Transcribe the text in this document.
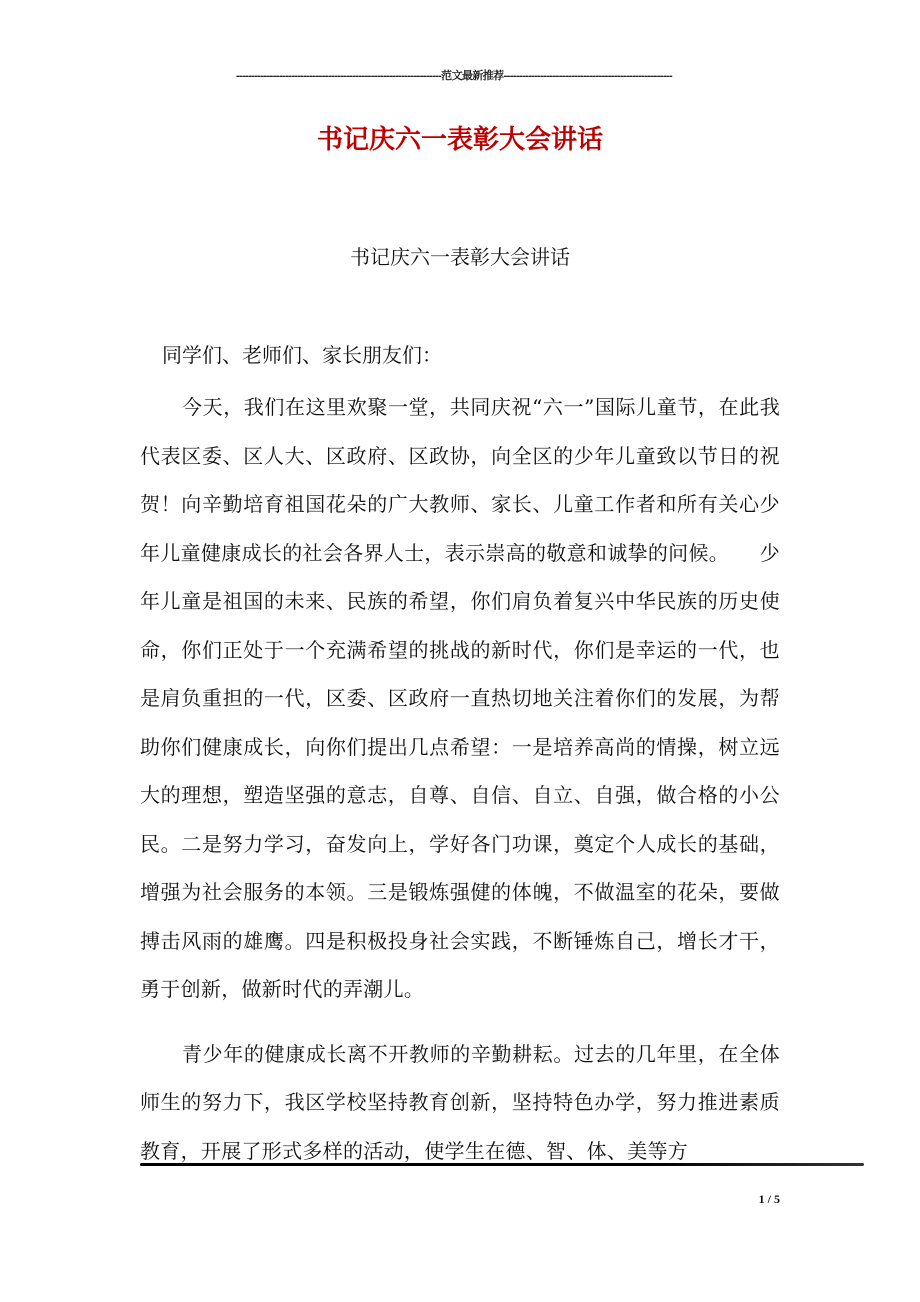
-------------------------------------------------------------------范文最新推荐-------------------------------------------------------
书记庆六一表彰大会讲话
书记庆六一表彰大会讲话
同学们、老师们、家长朋友们：

今天，我们在这里欢聚一堂，共同庆祝“六一”国际儿童节，在此我代表区委、区人大、区政府、区政协，向全区的少年儿童致以节日的祝贺！向辛勤培育祖国花朵的广大教师、家长、儿童工作者和所有关心少年儿童健康成长的社会各界人士，表示崇高的敬意和诚挚的问候。　　少年儿童是祖国的未来、民族的希望，你们肩负着复兴中华民族的历史使命，你们正处于一个充满希望的挑战的新时代，你们是幸运的一代，也是肩负重担的一代，区委、区政府一直热切地关注着你们的发展，为帮助你们健康成长，向你们提出几点希望：一是培养高尚的情操，树立远大的理想，塑造坚强的意志，自尊、自信、自立、自强，做合格的小公民。二是努力学习，奋发向上，学好各门功课，奠定个人成长的基础，增强为社会服务的本领。三是锻炼强健的体魄，不做温室的花朵，要做搏击风雨的雄鹰。四是积极投身社会实践，不断锤炼自己，增长才干，勇于创新，做新时代的弄潮儿。

青少年的健康成长离不开教师的辛勤耕耘。过去的几年里，在全体师生的努力下，我区学校坚持教育创新，坚持特色办学，努力推进素质教育，开展了形式多样的活动，使学生在德、智、体、美等方

1 / 5
